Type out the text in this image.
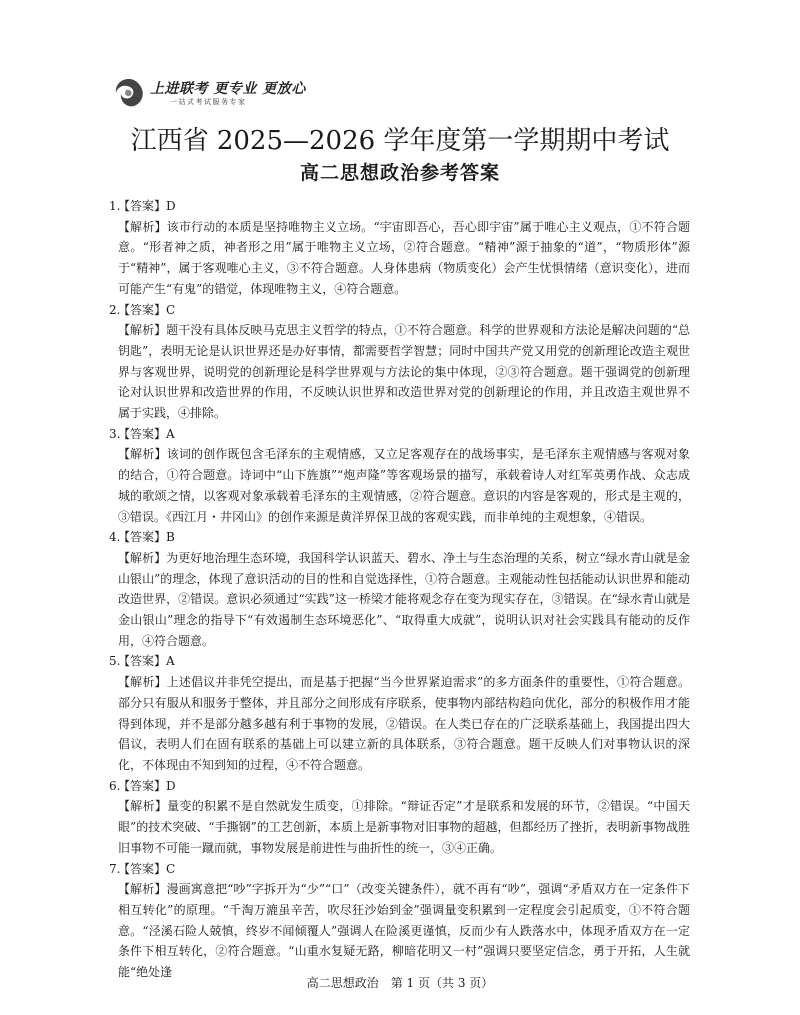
上进联考 更专业 更放心
一站式考试服务专家
江西省 2025—2026 学年度第一学期期中考试
高二思想政治参考答案
1.
【答案】D

【解析】该市行动的本质是坚持唯物主义立场。“宇宙即吾心，吾心即宇宙”属于唯心主义观点，①不符合题意。“形者神之质，神者形之用”属于唯物主义立场，②符合题意。“精神”源于抽象的“道”，“物质形体”源于“精神”，属于客观唯心主义，③不符合题意。人身体患病（物质变化）会产生忧惧情绪（意识变化），进而可能产生“有鬼”的错觉，体现唯物主义，④符合题意。

2.
【答案】C

【解析】题干没有具体反映马克思主义哲学的特点，①不符合题意。科学的世界观和方法论是解决问题的“总钥匙”，表明无论是认识世界还是办好事情，都需要哲学智慧；同时中国共产党又用党的创新理论改造主观世界与客观世界，说明党的创新理论是科学世界观与方法论的集中体现，②③符合题意。题干强调党的创新理论对认识世界和改造世界的作用，不反映认识世界和改造世界对党的创新理论的作用，并且改造主观世界不属于实践，④排除。

3.
【答案】A

【解析】该词的创作既包含毛泽东的主观情感，又立足客观存在的战场事实，是毛泽东主观情感与客观对象的结合，①符合题意。诗词中“山下旌旗”“炮声隆”等客观场景的描写，承载着诗人对红军英勇作战、众志成城的歌颂之情，以客观对象承载着毛泽东的主观情感，②符合题意。意识的内容是客观的，形式是主观的，③错误。《西江月・井冈山》的创作来源是黄洋界保卫战的客观实践，而非单纯的主观想象，④错误。

4.
【答案】B

【解析】为更好地治理生态环境，我国科学认识蓝天、碧水、净土与生态治理的关系，树立“绿水青山就是金山银山”的理念，体现了意识活动的目的性和自觉选择性，①符合题意。主观能动性包括能动认识世界和能动改造世界，②错误。意识必须通过“实践”这一桥梁才能将观念存在变为现实存在，③错误。在“绿水青山就是金山银山”理念的指导下“有效遏制生态环境恶化”、“取得重大成就”，说明认识对社会实践具有能动的反作用，④符合题意。

5.
【答案】A

【解析】上述倡议并非凭空提出，而是基于把握“当今世界紧迫需求”的多方面条件的重要性，①符合题意。部分只有服从和服务于整体，并且部分之间形成有序联系，使事物内部结构趋向优化，部分的积极作用才能得到体现，并不是部分越多越有利于事物的发展，②错误。在人类已存在的广泛联系基础上，我国提出四大倡议，表明人们在固有联系的基础上可以建立新的具体联系，③符合题意。题干反映人们对事物认识的深化，不体现由不知到知的过程，④不符合题意。

6.
【答案】D

【解析】量变的积累不是自然就发生质变，①排除。“辩证否定”才是联系和发展的环节，②错误。“中国天眼”的技术突破、“手撕钢”的工艺创新，本质上是新事物对旧事物的超越，但都经历了挫折，表明新事物战胜旧事物不可能一蹴而就，事物发展是前进性与曲折性的统一，③④正确。

7.
【答案】C

【解析】漫画寓意把“吵”字拆开为“少”“口”（改变关键条件），就不再有“吵”，强调“矛盾双方在一定条件下相互转化”的原理。“千淘万漉虽辛苦，吹尽狂沙始到金”强调量变积累到一定程度会引起质变，①不符合题意。“泾溪石险人兢慎，终岁不闻倾覆人”强调人在险溪更谨慎，反而少有人跌落水中，体现矛盾双方在一定条件下相互转化，②符合题意。“山重水复疑无路，柳暗花明又一村”强调只要坚定信念，勇于开拓，人生就能“绝处逢

高二思想政治　第 1 页（共 3 页）
